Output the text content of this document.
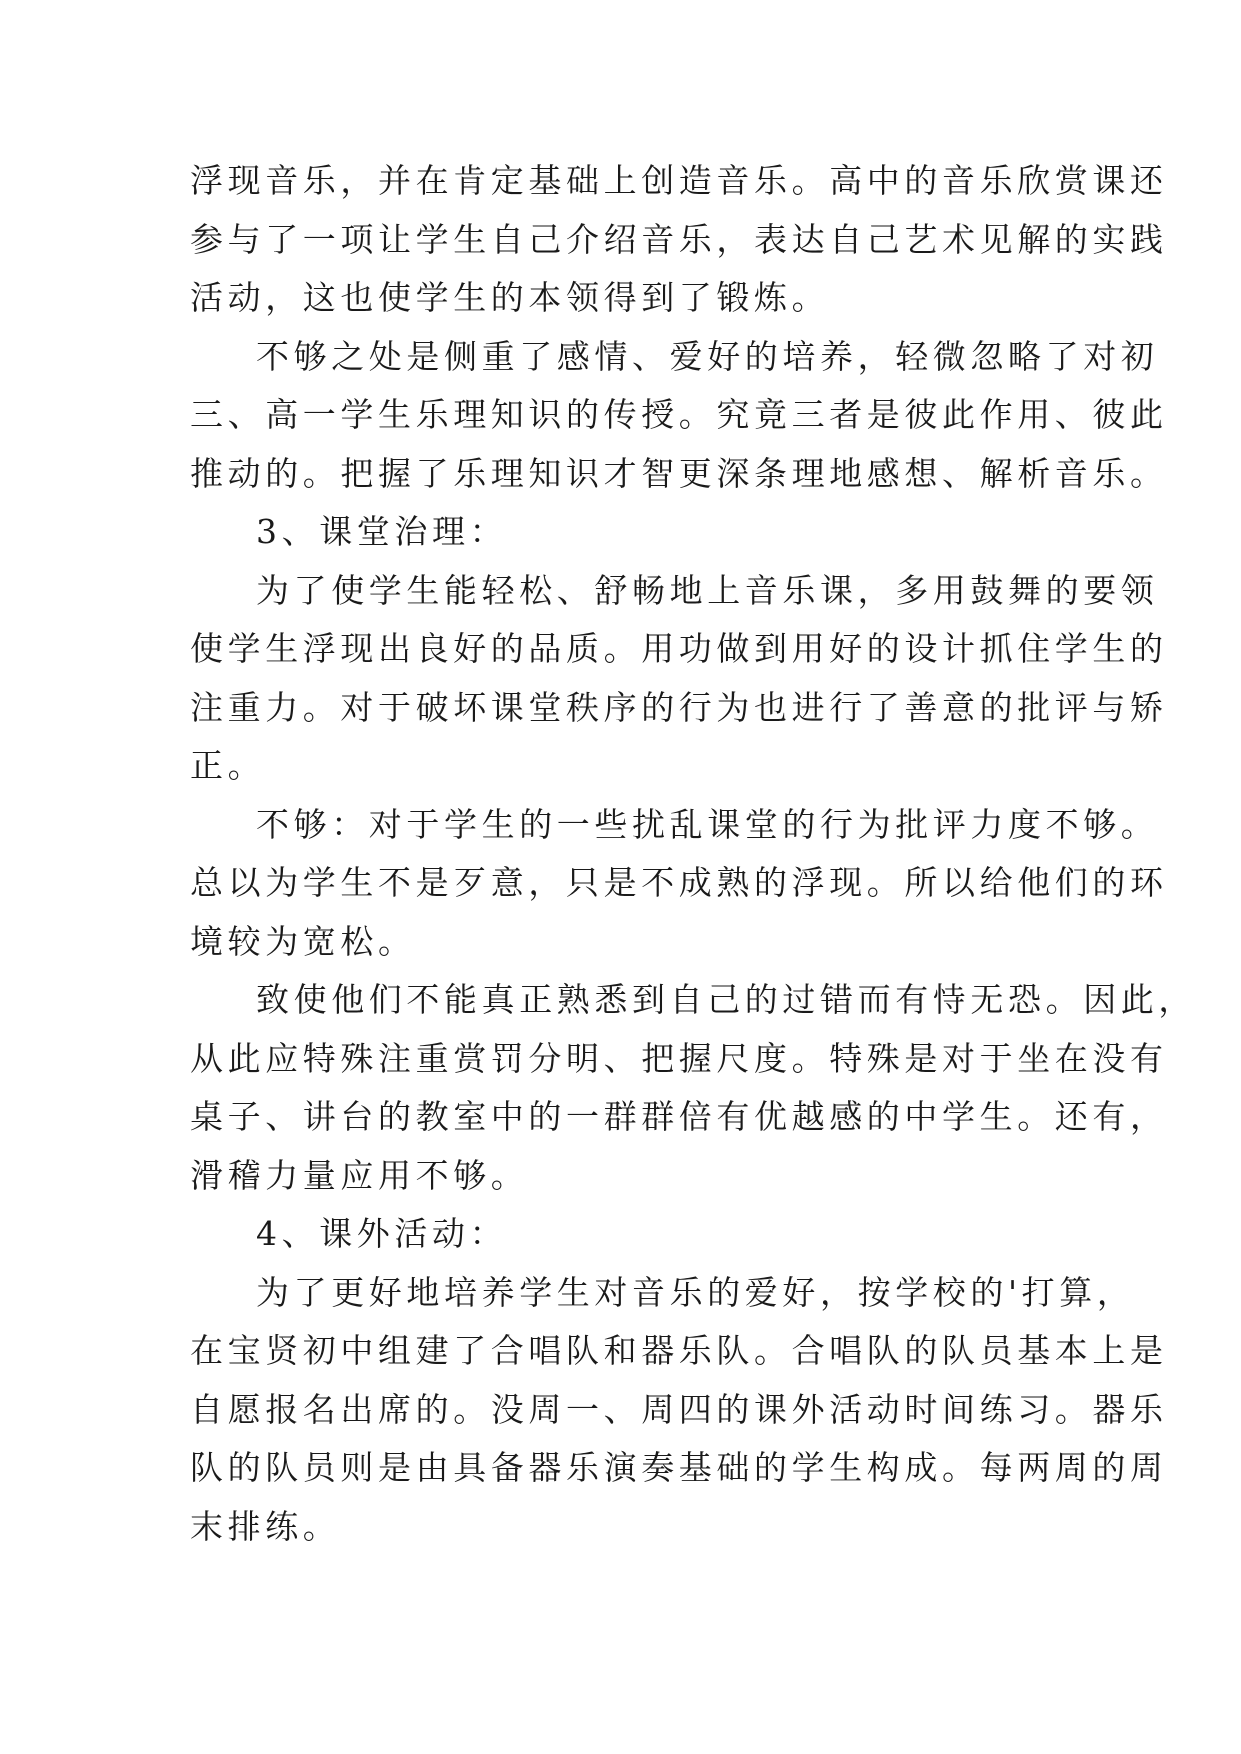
浮现音乐，并在肯定基础上创造音乐。高中的音乐欣赏课还
参与了一项让学生自己介绍音乐，表达自己艺术见解的实践
活动，这也使学生的本领得到了锻炼。
不够之处是侧重了感情、爱好的培养，轻微忽略了对初
三、高一学生乐理知识的传授。究竟三者是彼此作用、彼此
推动的。把握了乐理知识才智更深条理地感想、解析音乐。
3、课堂治理：
为了使学生能轻松、舒畅地上音乐课，多用鼓舞的要领
使学生浮现出良好的品质。用功做到用好的设计抓住学生的
注重力。对于破坏课堂秩序的行为也进行了善意的批评与矫
正。
不够：对于学生的一些扰乱课堂的行为批评力度不够。
总以为学生不是歹意，只是不成熟的浮现。所以给他们的环
境较为宽松。
致使他们不能真正熟悉到自己的过错而有恃无恐。因此，
从此应特殊注重赏罚分明、把握尺度。特殊是对于坐在没有
桌子、讲台的教室中的一群群倍有优越感的中学生。还有，
滑稽力量应用不够。
4、课外活动：
为了更好地培养学生对音乐的爱好，按学校的'打算，
在宝贤初中组建了合唱队和器乐队。合唱队的队员基本上是
自愿报名出席的。没周一、周四的课外活动时间练习。器乐
队的队员则是由具备器乐演奏基础的学生构成。每两周的周
末排练。
